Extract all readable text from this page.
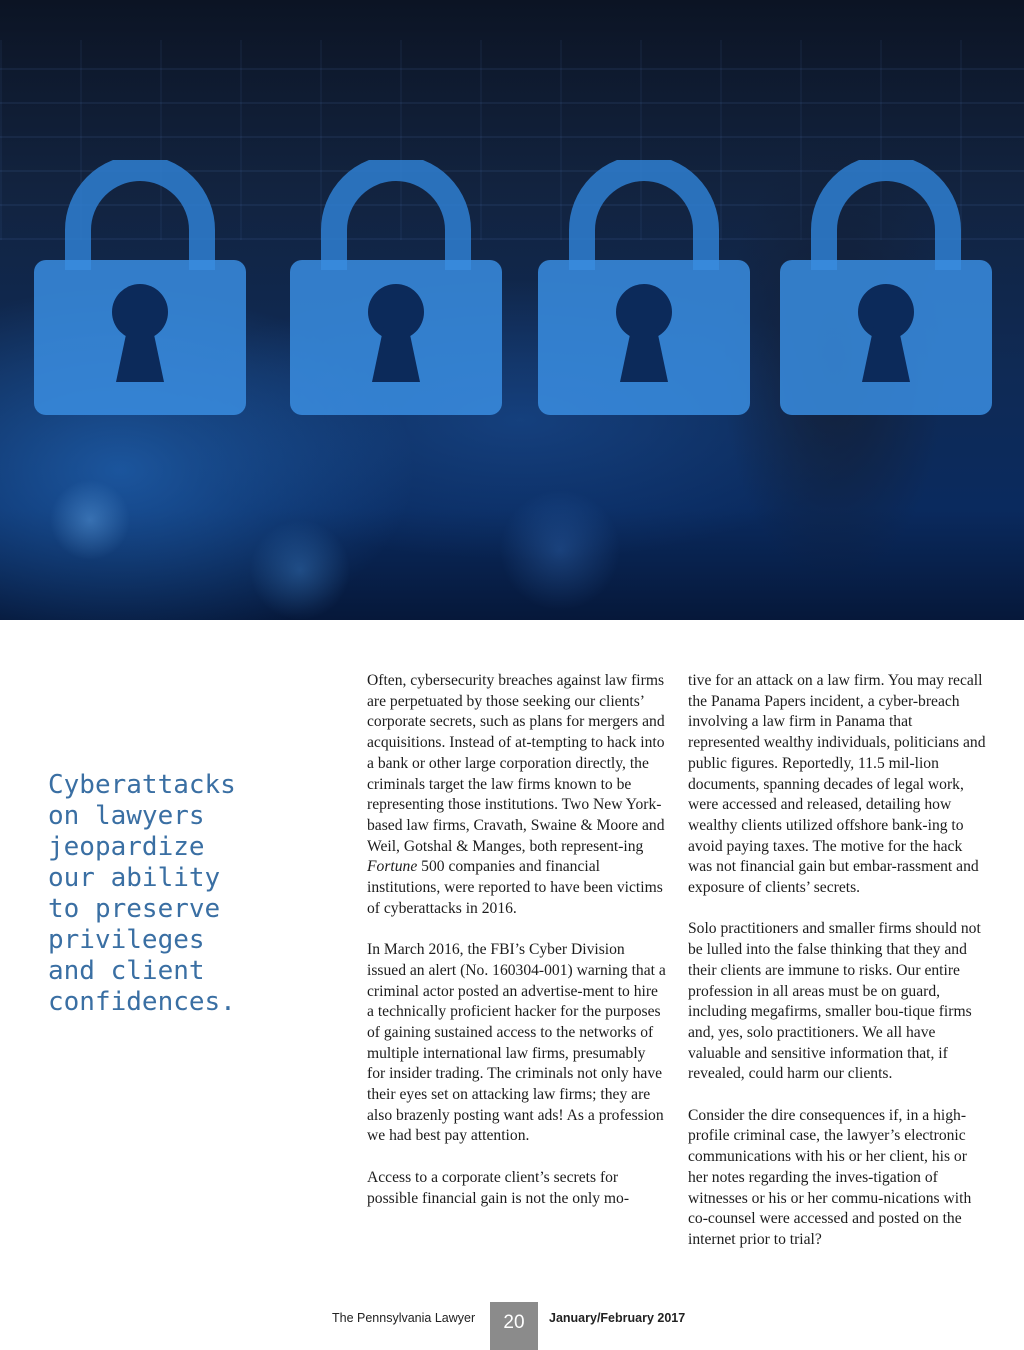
Cyberattacks
on lawyers
jeopardize
our ability
to preserve
privileges
and client
confidences.

Often, cybersecurity breaches against law firms are perpetuated by those seeking our clients’ corporate secrets, such as plans for mergers and acquisitions. Instead of at-tempting to hack into a bank or other large corporation directly, the criminals target the law firms known to be representing those institutions. Two New York-based law firms, Cravath, Swaine & Moore and Weil, Gotshal & Manges, both represent-ing Fortune 500 companies and financial institutions, were reported to have been victims of cyberattacks in 2016.

In March 2016, the FBI’s Cyber Division issued an alert (No. 160304-001) warning that a criminal actor posted an advertise-ment to hire a technically proficient hacker for the purposes of gaining sustained access to the networks of multiple international law firms, presumably for insider trading. The criminals not only have their eyes set on attacking law firms; they are also brazenly posting want ads! As a profession we had best pay attention.

Access to a corporate client’s secrets for possible financial gain is not the only mo-

tive for an attack on a law firm. You may recall the Panama Papers incident, a cyber-breach involving a law firm in Panama that represented wealthy individuals, politicians and public figures. Reportedly, 11.5 mil-lion documents, spanning decades of legal work, were accessed and released, detailing how wealthy clients utilized offshore bank-ing to avoid paying taxes. The motive for the hack was not financial gain but embar-rassment and exposure of clients’ secrets.

Solo practitioners and smaller firms should not be lulled into the false thinking that they and their clients are immune to risks. Our entire profession in all areas must be on guard, including megafirms, smaller bou-tique firms and, yes, solo practitioners. We all have valuable and sensitive information that, if revealed, could harm our clients.

Consider the dire consequences if, in a high-profile criminal case, the lawyer’s electronic communications with his or her client, his or her notes regarding the inves-tigation of witnesses or his or her commu-nications with co-counsel were accessed and posted on the internet prior to trial?

The Pennsylvania Lawyer	20	January/February 2017
